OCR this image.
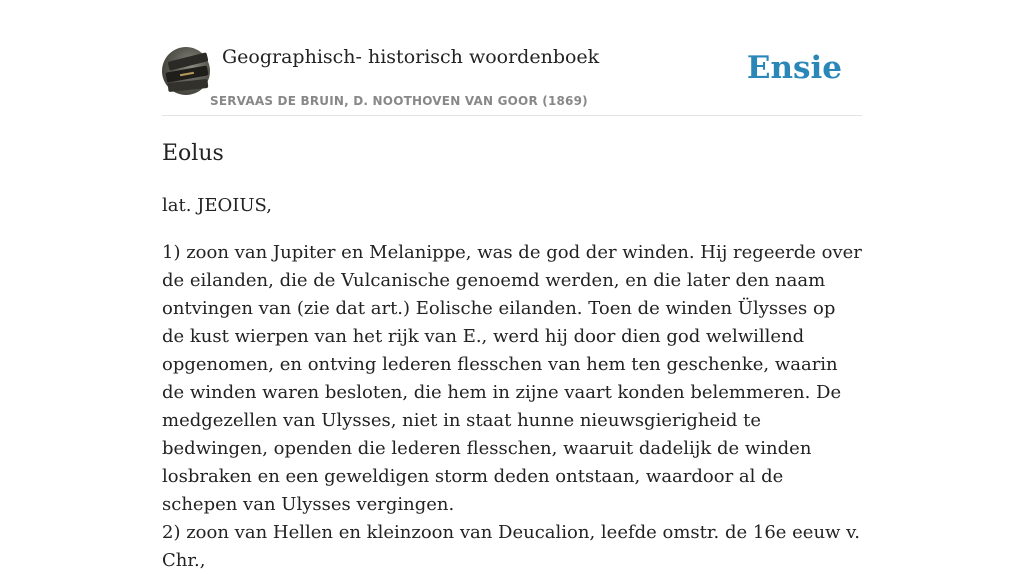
Geographisch- historisch woordenboek
SERVAAS DE BRUIN, D. NOOTHOVEN VAN GOOR (1869)
Ensie
Eolus

lat. JEOIUS,

1) zoon van Jupiter en Melanippe, was de god der winden. Hij regeerde over de eilanden, die de Vulcanische genoemd werden, en die later den naam ontvingen van (zie dat art.) Eolische eilanden. Toen de winden Ülysses op de kust wierpen van het rijk van E., werd hij door dien god welwillend opgenomen, en ontving lederen flesschen van hem ten geschenke, waarin de winden waren besloten, die hem in zijne vaart konden belemmeren. De medgezellen van Ulysses, niet in staat hunne nieuwsgierigheid te bedwingen, openden die lederen flesschen, waaruit dadelijk de winden losbraken en een geweldigen storm deden ontstaan, waardoor al de schepen van Ulysses vergingen.

2) zoon van Hellen en kleinzoon van Deucalion, leefde omstr. de 16e eeuw v. Chr.,
